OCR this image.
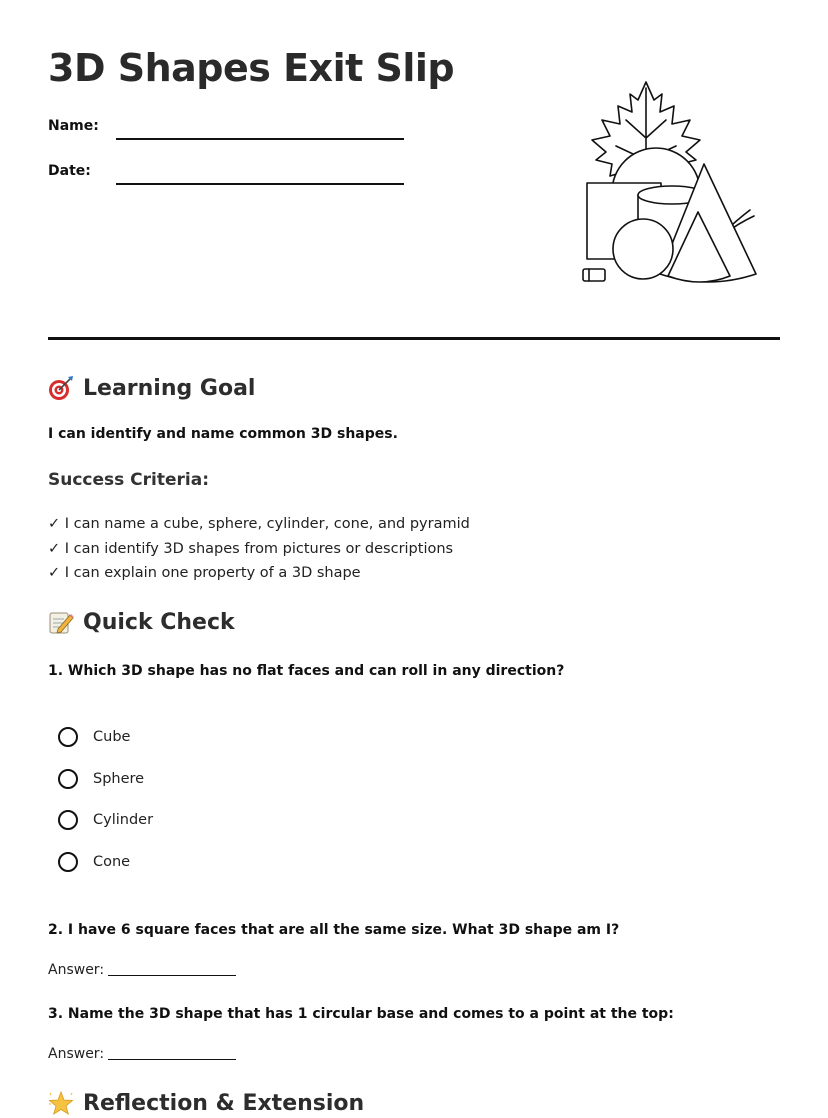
3D Shapes Exit Slip
Name:
Date:
Learning Goal
I can identify and name common 3D shapes.
Success Criteria:
✓ I can name a cube, sphere, cylinder, cone, and pyramid
✓ I can identify 3D shapes from pictures or descriptions
✓ I can explain one property of a 3D shape
Quick Check
1. Which 3D shape has no flat faces and can roll in any direction?
Cube
Sphere
Cylinder
Cone
2. I have 6 square faces that are all the same size. What 3D shape am I?
Answer:
3. Name the 3D shape that has 1 circular base and comes to a point at the top:
Answer:
Reflection & Extension
